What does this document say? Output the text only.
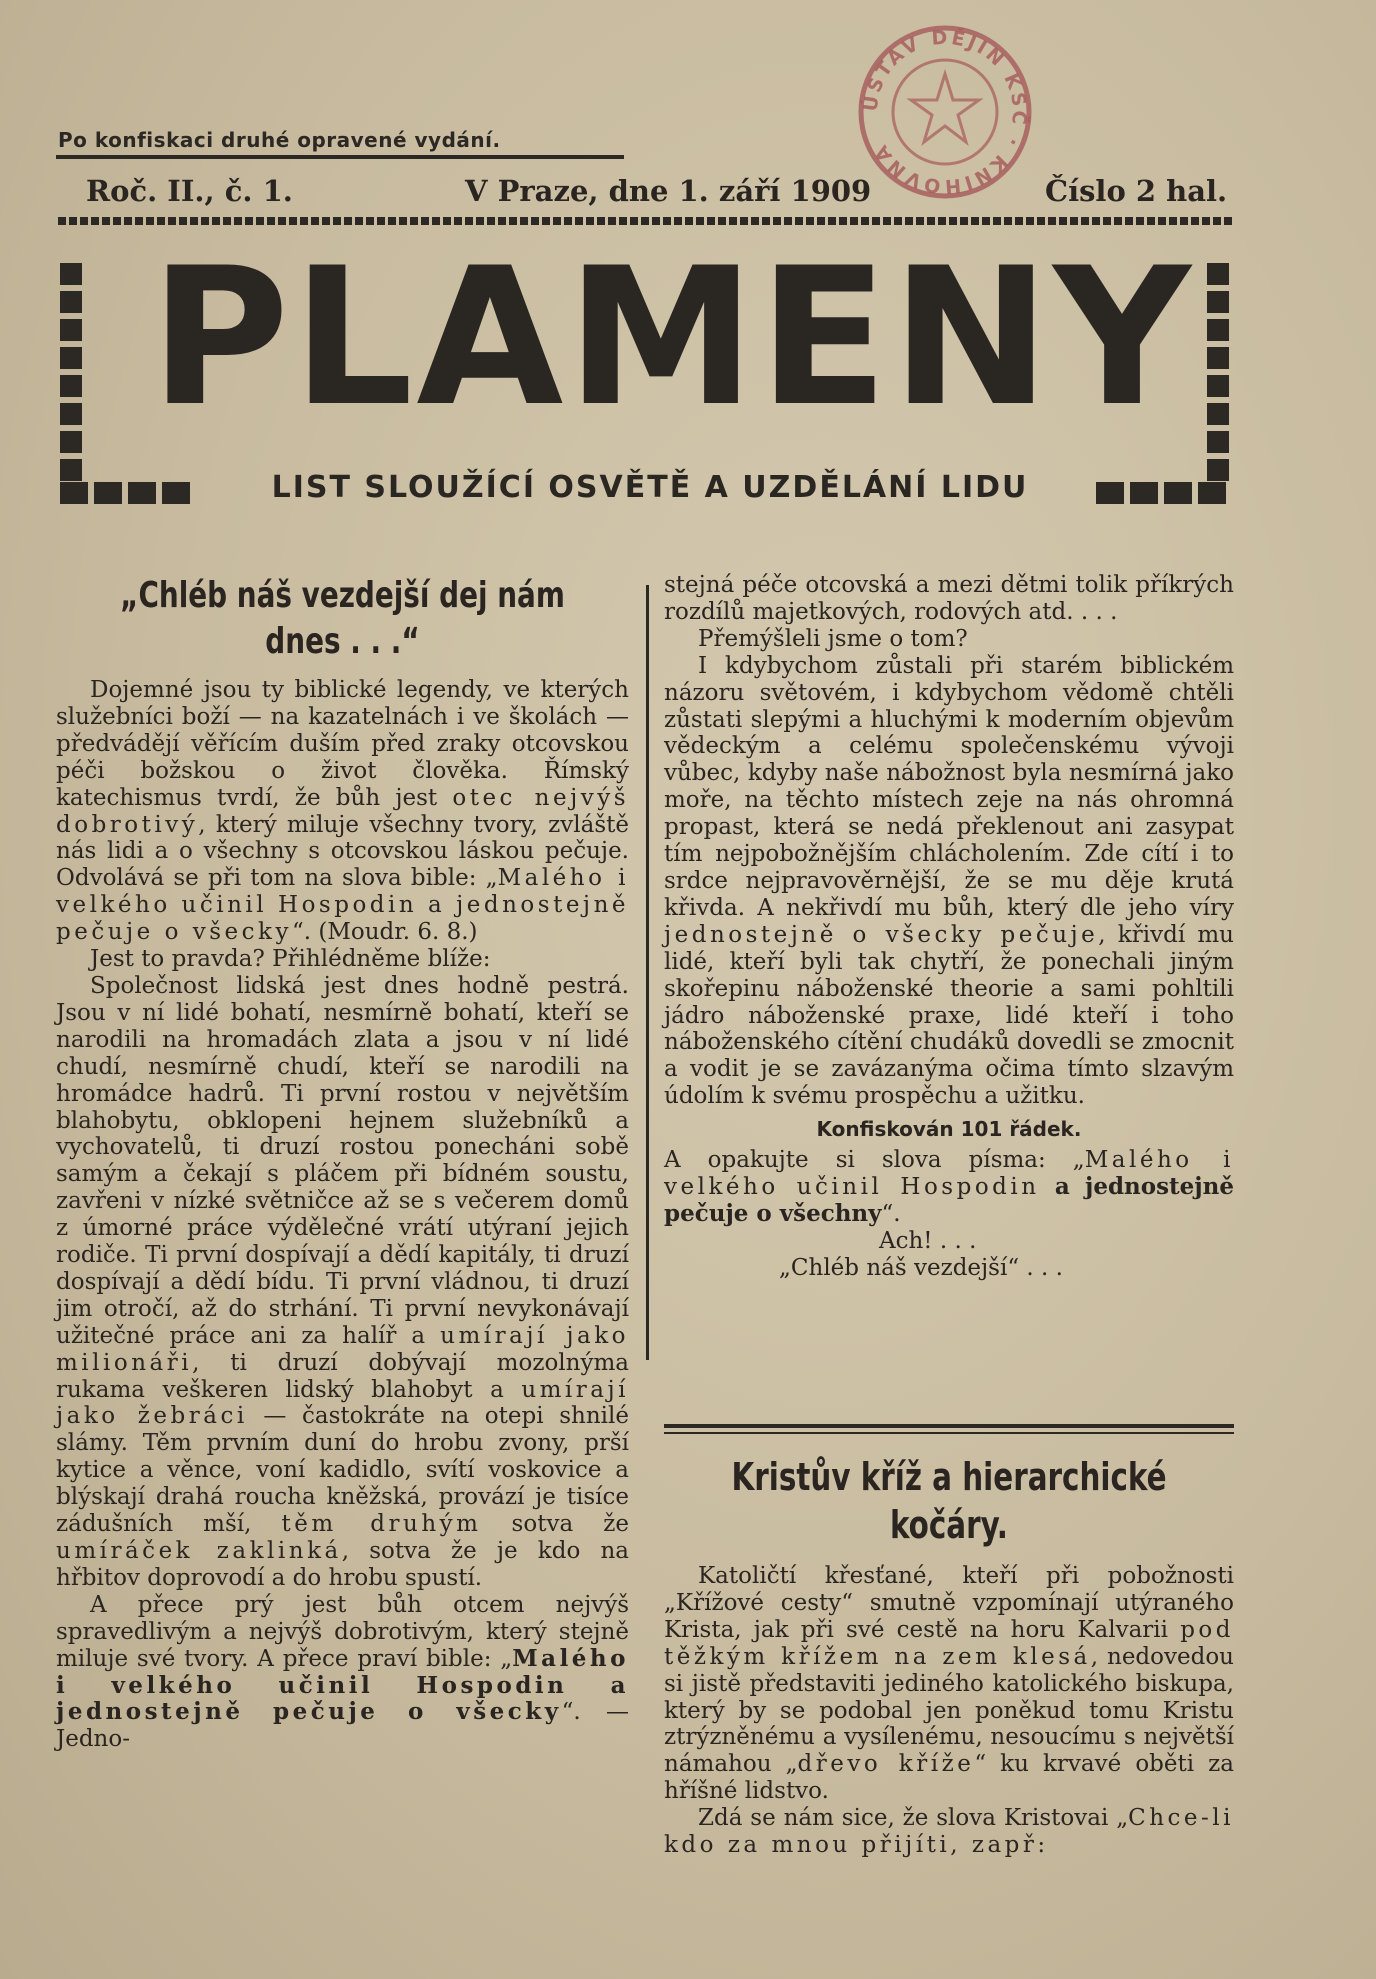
ÚSTAV DĚJIN KSČ · KNIHOVNA
Po konfiskaci druhé opravené vydání.
Roč. II., č. 1.	V Praze, dne 1. září 1909	Číslo 2 hal.
PLAMENY
LIST SLOUŽÍCÍ OSVĚTĚ A UZDĚLÁNÍ LIDU
„Chléb náš vezdejší dej nám dnes . . .“

Dojemné jsou ty biblické legendy, ve kterých služebníci boží — na kazatelnách i ve školách — předvádějí věřícím duším před zraky otcovskou péči božskou o život člověka. Římský katechismus tvrdí, že bůh jest otec nejvýš dobrotivý, který miluje všechny tvory, zvláště nás lidi a o všechny s otcovskou láskou pečuje. Odvolává se při tom na slova bible: „Malého i velkého učinil Hospodin a jednostejně pečuje o všecky“. (Moudr. 6. 8.)

Jest to pravda? Přihlédněme blíže:

Společnost lidská jest dnes hodně pestrá. Jsou v ní lidé bohatí, nesmírně bohatí, kteří se narodili na hromadách zlata a jsou v ní lidé chudí, nesmírně chudí, kteří se narodili na hromádce hadrů. Ti první rostou v největším blahobytu, obklopeni hejnem služebníků a vychovatelů, ti druzí rostou ponecháni sobě samým a čekají s pláčem při bídném soustu, zavřeni v nízké světničce až se s večerem domů z úmorné práce výdělečné vrátí utýraní jejich rodiče. Ti první dospívají a dědí kapitály, ti druzí dospívají a dědí bídu. Ti první vládnou, ti druzí jim otročí, až do strhání. Ti první nevykonávají užitečné práce ani za halíř a umírají jako milionáři, ti druzí dobývají mozolnýma rukama veškeren lidský blahobyt a umírají jako žebráci — častokráte na otepi shnilé slámy. Těm prvním duní do hrobu zvony, prší kytice a věnce, voní kadidlo, svítí voskovice a blýskají drahá roucha kněžská, provází je tisíce zádušních mší, těm druhým sotva že umíráček zaklinká, sotva že je kdo na hřbitov doprovodí a do hrobu spustí.

A přece prý jest bůh otcem nejvýš spravedlivým a nejvýš dobrotivým, který stejně miluje své tvory. A přece praví bible: „Malého i velkého učinil Hospodin a jednostejně pečuje o všecky“. — Jedno-

stejná péče otcovská a mezi dětmi tolik příkrých rozdílů majetkových, rodových atd. . . .

Přemýšleli jsme o tom?

I kdybychom zůstali při starém biblickém názoru světovém, i kdybychom vědomě chtěli zůstati slepými a hluchými k moderním objevům vědeckým a celému společenskému vývoji vůbec, kdyby naše nábožnost byla nesmírná jako moře, na těchto místech zeje na nás ohromná propast, která se nedá překlenout ani zasypat tím nejpobožnějším chlácholením. Zde cítí i to srdce nejpravověrnější, že se mu děje krutá křivda. A nekřivdí mu bůh, který dle jeho víry jednostejně o všecky pečuje, křivdí mu lidé, kteří byli tak chytří, že ponechali jiným skořepinu náboženské theorie a sami pohltili jádro náboženské praxe, lidé kteří i toho náboženského cítění chudáků dovedli se zmocnit a vodit je se zavázanýma očima tímto slzavým údolím k svému prospěchu a užitku.

Konfiskován 101 řádek.

A opakujte si slova písma: „Malého i velkého učinil Hospodin a jednostejně pečuje o všechny“.

Ach! . . .

„Chléb náš vezdejší“ . . .

Kristův kříž a hierarchické kočáry.

Katoličtí křesťané, kteří při pobožnosti „Křížové cesty“ smutně vzpomínají utýraného Krista, jak při své cestě na horu Kalvarii pod těžkým křížem na zem klesá, nedovedou si jistě představiti jediného katolického biskupa, který by se podobal jen poněkud tomu Kristu ztrýzněnému a vysílenému, nesoucímu s největší námahou „dřevo kříže“ ku krvavé oběti za hříšné lidstvo.

Zdá se nám sice, že slova Kristovai „Chce-li kdo za mnou přijíti, zapř:
